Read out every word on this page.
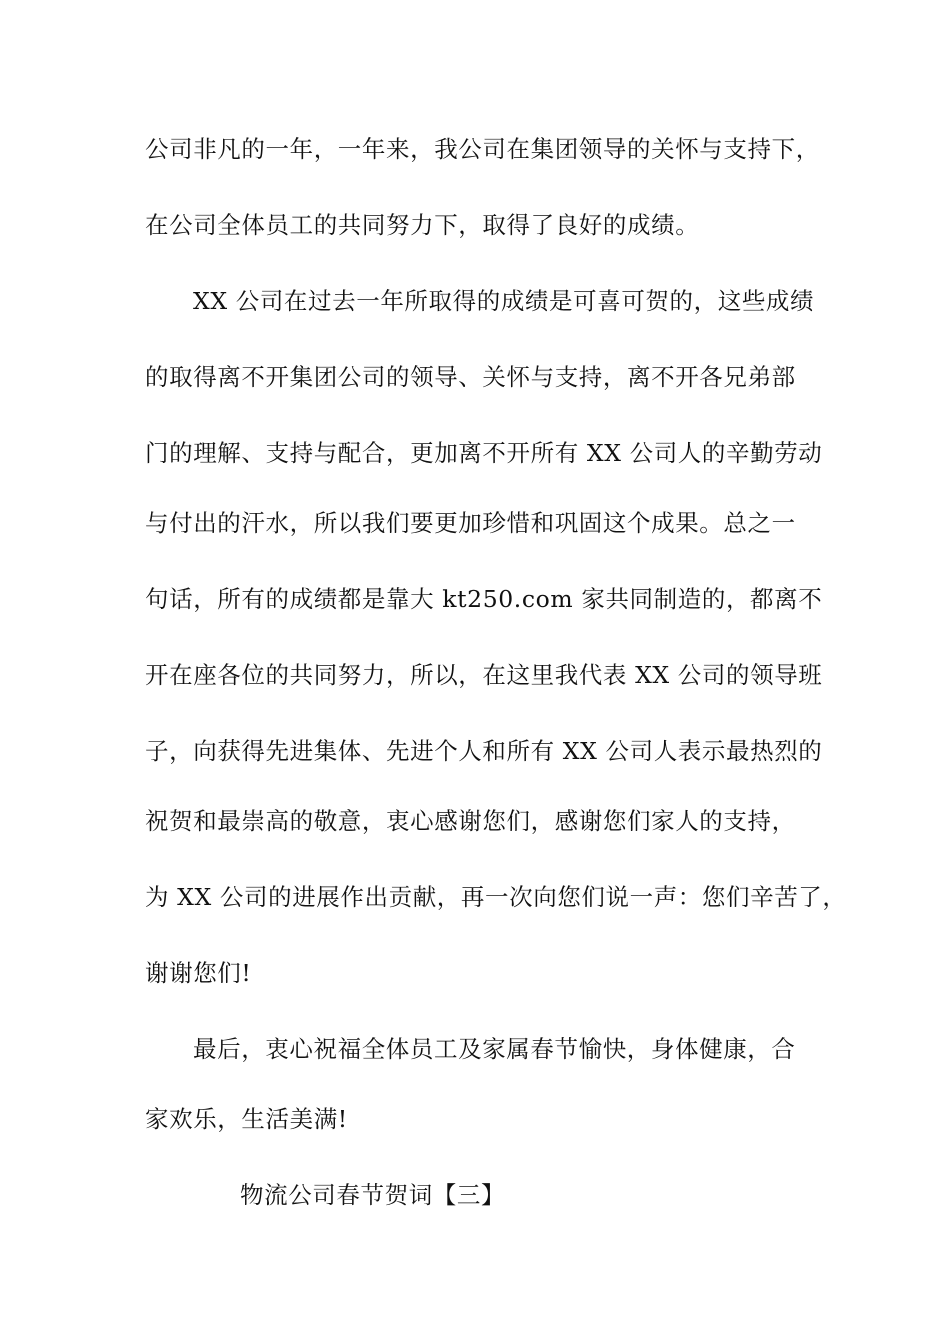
公司非凡的一年，一年来，我公司在集团领导的关怀与支持下，
在公司全体员工的共同努力下，取得了良好的成绩。
XX 公司在过去一年所取得的成绩是可喜可贺的，这些成绩
的取得离不开集团公司的领导、关怀与支持，离不开各兄弟部
门的理解、支持与配合，更加离不开所有 XX 公司人的辛勤劳动
与付出的汗水，所以我们要更加珍惜和巩固这个成果。总之一
句话，所有的成绩都是靠大 kt250.com 家共同制造的，都离不
开在座各位的共同努力，所以，在这里我代表 XX 公司的领导班
子，向获得先进集体、先进个人和所有 XX 公司人表示最热烈的
祝贺和最崇高的敬意，衷心感谢您们，感谢您们家人的支持，
为 XX 公司的进展作出贡献，再一次向您们说一声：您们辛苦了，
谢谢您们!
最后，衷心祝福全体员工及家属春节愉快，身体健康，合
家欢乐，生活美满!
物流公司春节贺词【三】
